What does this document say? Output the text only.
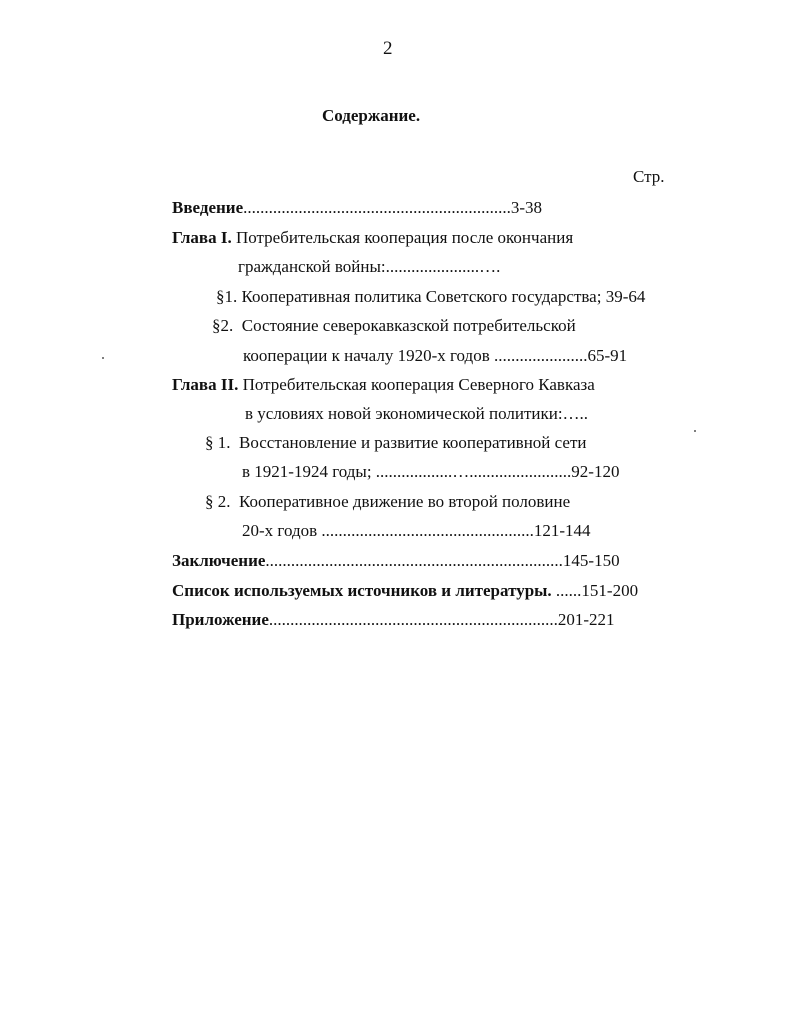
2
Содержание.
Стр.
Введение...............................................................3-38
Глава I. Потребительская кооперация после окончания
гражданской войны:......................….
§1. Кооперативная политика Советского государства; 39-64
§2.  Состояние северокавказской потребительской
кооперации к началу 1920-х годов ......................65-91
Глава II. Потребительская кооперация Северного Кавказа
в условиях новой экономической политики:…..
§ 1.  Восстановление и развитие кооперативной сети
в 1921-1924 годы; ..................…........................92-120
§ 2.  Кооперативное движение во второй половине
20-х годов ..................................................121-144
Заключение......................................................................145-150
Список используемых источников и литературы. ......151-200
Приложение....................................................................201-221
